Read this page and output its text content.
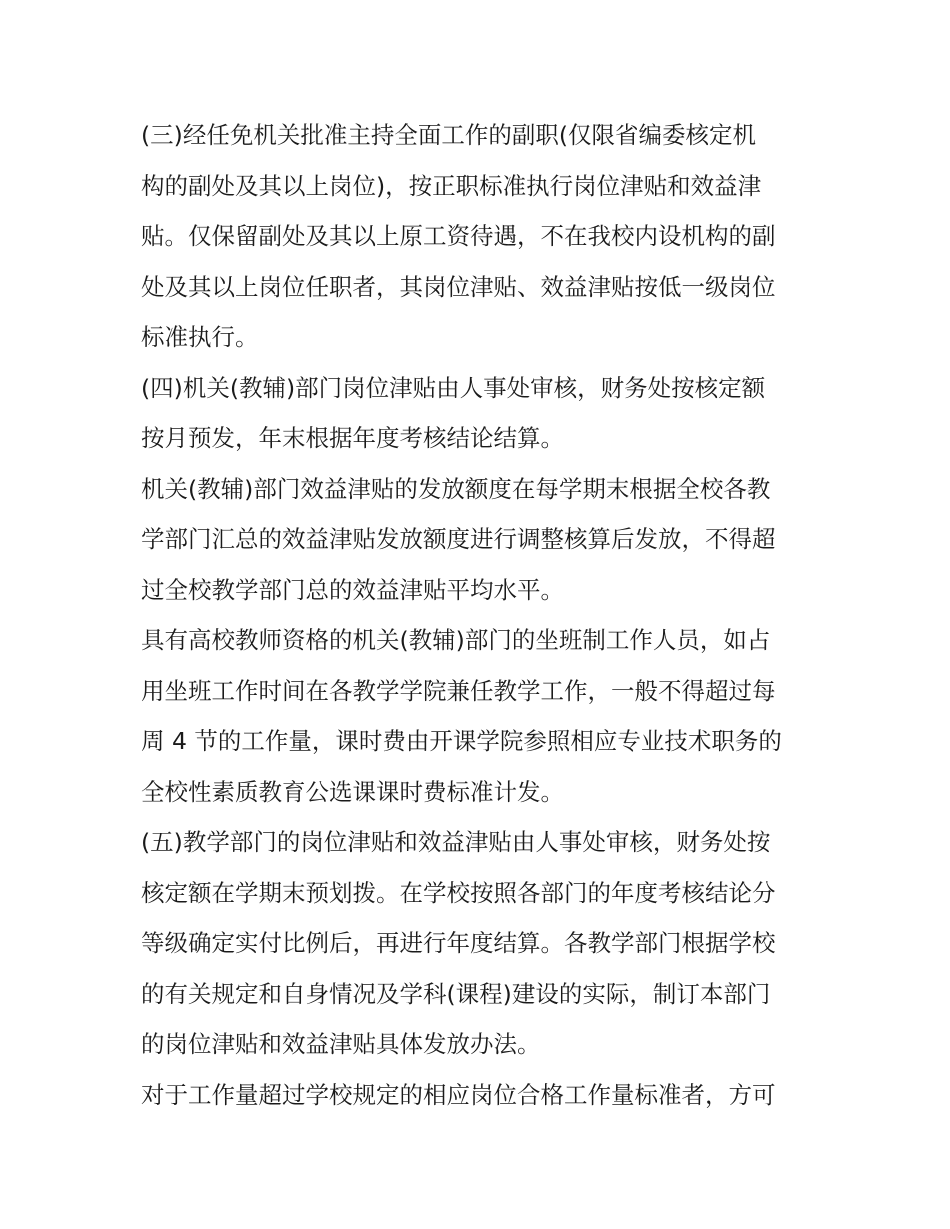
(三)经任免机关批准主持全面工作的副职(仅限省编委核定机
构的副处及其以上岗位)，按正职标准执行岗位津贴和效益津
贴。仅保留副处及其以上原工资待遇，不在我校内设机构的副
处及其以上岗位任职者，其岗位津贴、效益津贴按低一级岗位
标准执行。

(四)机关(教辅)部门岗位津贴由人事处审核，财务处按核定额
按月预发，年末根据年度考核结论结算。

机关(教辅)部门效益津贴的发放额度在每学期末根据全校各教
学部门汇总的效益津贴发放额度进行调整核算后发放，不得超
过全校教学部门总的效益津贴平均水平。

具有高校教师资格的机关(教辅)部门的坐班制工作人员，如占
用坐班工作时间在各教学学院兼任教学工作，一般不得超过每
周 4 节的工作量，课时费由开课学院参照相应专业技术职务的
全校性素质教育公选课课时费标准计发。

(五)教学部门的岗位津贴和效益津贴由人事处审核，财务处按
核定额在学期末预划拨。在学校按照各部门的年度考核结论分
等级确定实付比例后，再进行年度结算。各教学部门根据学校
的有关规定和自身情况及学科(课程)建设的实际，制订本部门
的岗位津贴和效益津贴具体发放办法。

对于工作量超过学校规定的相应岗位合格工作量标准者，方可
